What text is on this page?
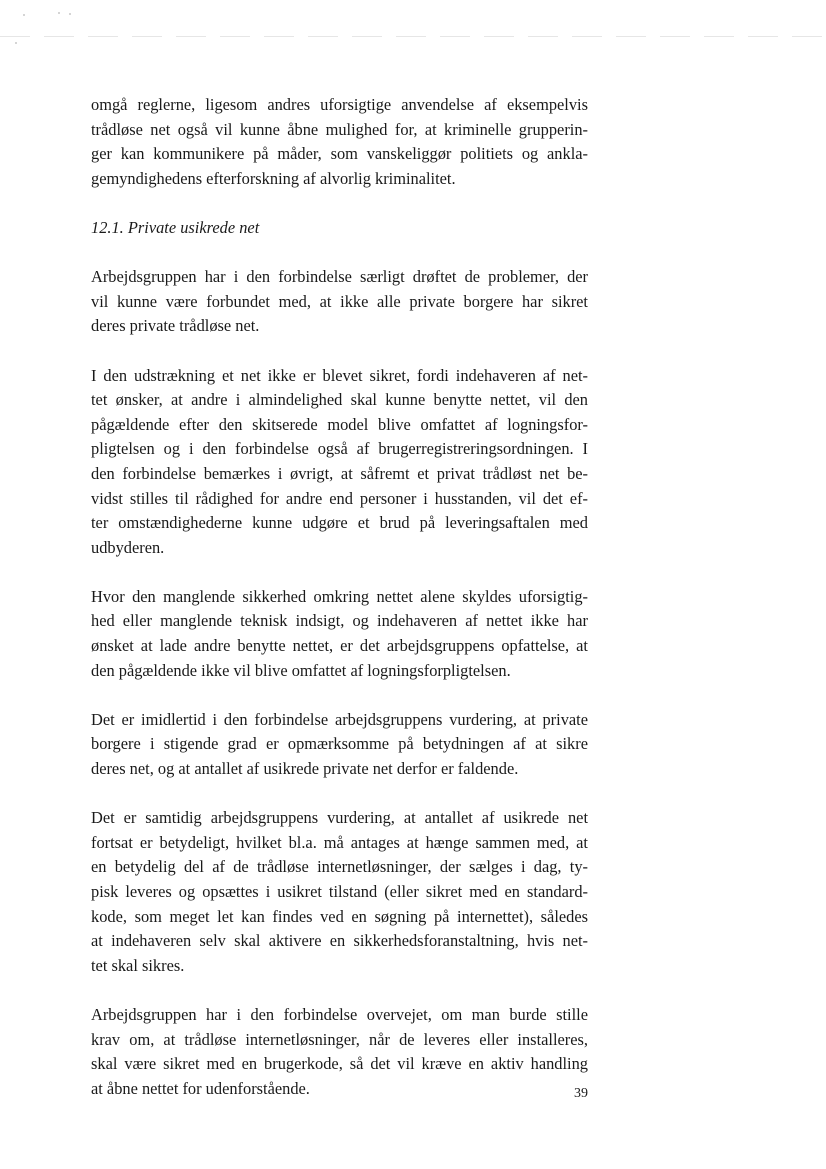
omgå reglerne, ligesom andres uforsigtige anvendelse af eksempelvis
trådløse net også vil kunne åbne mulighed for, at kriminelle grupperin-
ger kan kommunikere på måder, som vanskeliggør politiets og ankla-
gemyndighedens efterforskning af alvorlig kriminalitet.

12.1. Private usikrede net

Arbejdsgruppen har i den forbindelse særligt drøftet de problemer, der
vil kunne være forbundet med, at ikke alle private borgere har sikret
deres private trådløse net.

I den udstrækning et net ikke er blevet sikret, fordi indehaveren af net-
tet ønsker, at andre i almindelighed skal kunne benytte nettet, vil den
pågældende efter den skitserede model blive omfattet af logningsfor-
pligtelsen og i den forbindelse også af brugerregistreringsordningen. I
den forbindelse bemærkes i øvrigt, at såfremt et privat trådløst net be-
vidst stilles til rådighed for andre end personer i husstanden, vil det ef-
ter omstændighederne kunne udgøre et brud på leveringsaftalen med
udbyderen.

Hvor den manglende sikkerhed omkring nettet alene skyldes uforsigtig-
hed eller manglende teknisk indsigt, og indehaveren af nettet ikke har
ønsket at lade andre benytte nettet, er det arbejdsgruppens opfattelse, at
den pågældende ikke vil blive omfattet af logningsforpligtelsen.

Det er imidlertid i den forbindelse arbejdsgruppens vurdering, at private
borgere i stigende grad er opmærksomme på betydningen af at sikre
deres net, og at antallet af usikrede private net derfor er faldende.

Det er samtidig arbejdsgruppens vurdering, at antallet af usikrede net
fortsat er betydeligt, hvilket bl.a. må antages at hænge sammen med, at
en betydelig del af de trådløse internetløsninger, der sælges i dag, ty-
pisk leveres og opsættes i usikret tilstand (eller sikret med en standard-
kode, som meget let kan findes ved en søgning på internettet), således
at indehaveren selv skal aktivere en sikkerhedsforanstaltning, hvis net-
tet skal sikres.

Arbejdsgruppen har i den forbindelse overvejet, om man burde stille
krav om, at trådløse internetløsninger, når de leveres eller installeres,
skal være sikret med en brugerkode, så det vil kræve en aktiv handling
at åbne nettet for udenforstående.	39
